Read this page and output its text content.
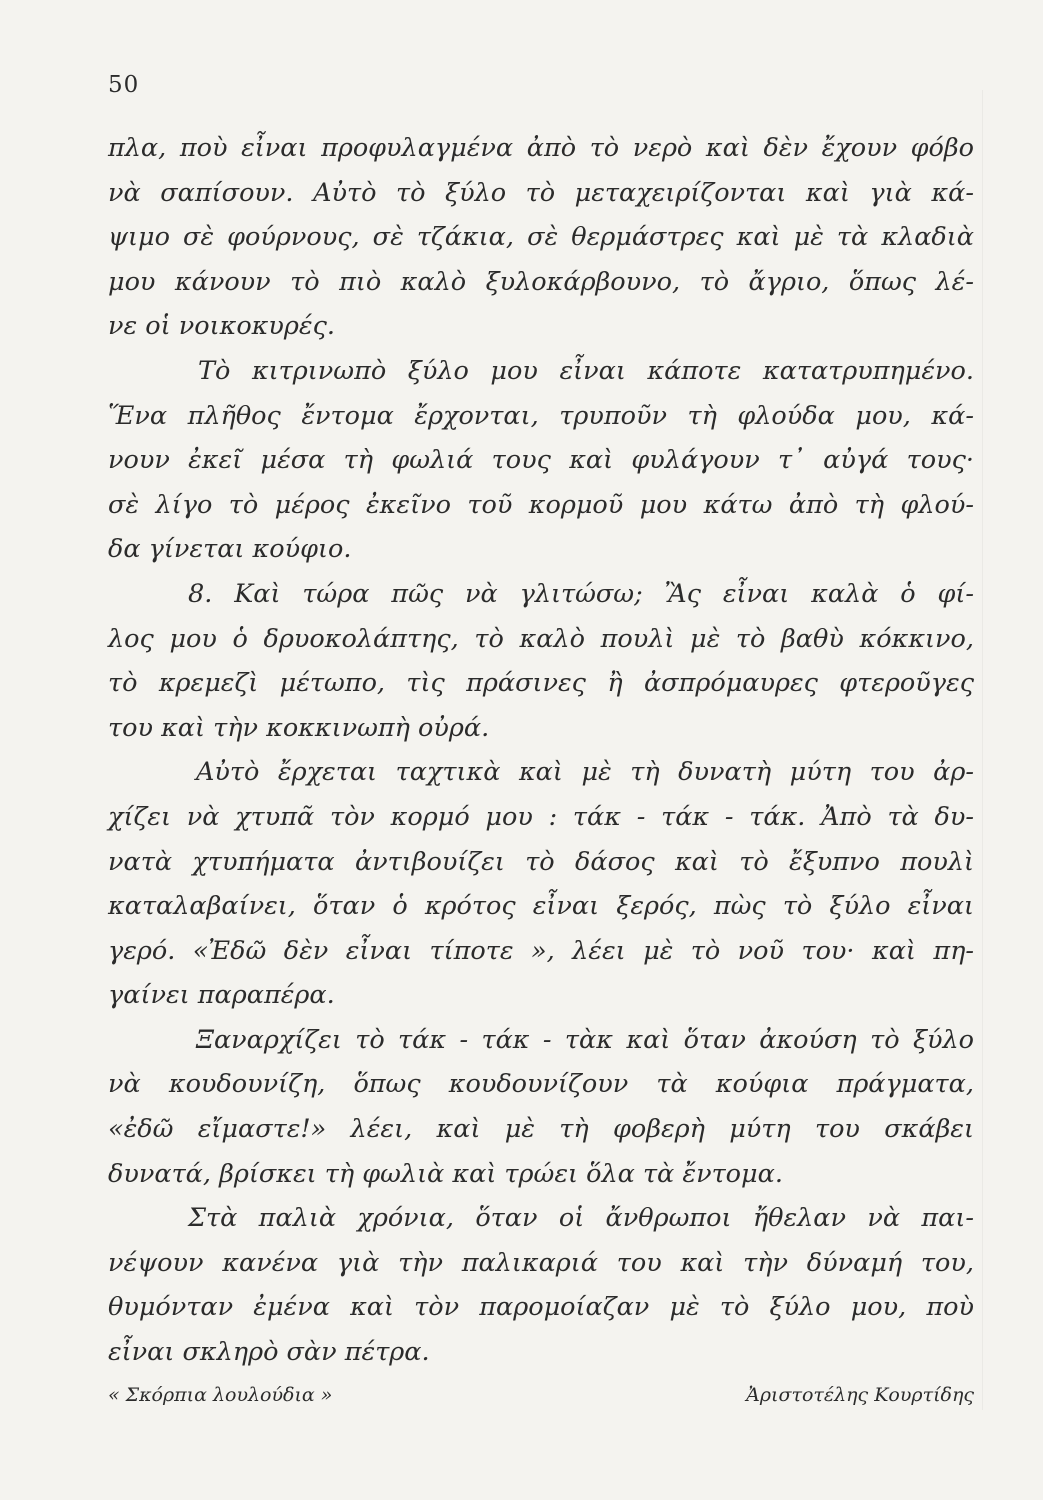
50
πλα, ποὺ εἶναι προφυλαγμένα ἀπὸ τὸ νερὸ καὶ δὲν ἔχουν φόβο
νὰ σαπίσουν. Αὐτὸ τὸ ξύλο τὸ μεταχειρίζονται καὶ γιὰ κά-
ψιμο σὲ φούρνους, σὲ τζάκια, σὲ θερμάστρες καὶ μὲ τὰ κλαδιὰ
μου κάνουν τὸ πιὸ καλὸ ξυλοκάρβουνο, τὸ ἄγριο, ὅπως λέ-
νε οἱ νοικοκυρές.
Τὸ κιτρινωπὸ ξύλο μου εἶναι κάποτε κατατρυπημένο.
Ἕνα πλῆθος ἔντομα ἔρχονται, τρυποῦν τὴ φλούδα μου, κά-
νουν ἐκεῖ μέσα τὴ φωλιά τους καὶ φυλάγουν τ᾽ αὐγά τους·
σὲ λίγο τὸ μέρος ἐκεῖνο τοῦ κορμοῦ μου κάτω ἀπὸ τὴ φλού-
δα γίνεται κούφιο.
8. Καὶ τώρα πῶς νὰ γλιτώσω; Ἂς εἶναι καλὰ ὁ φί-
λος μου ὁ δρυοκολάπτης, τὸ καλὸ πουλὶ μὲ τὸ βαθὺ κόκκινο,
τὸ κρεμεζὶ μέτωπο, τὶς πράσινες ἢ ἀσπρόμαυρες φτεροῦγες
του καὶ τὴν κοκκινωπὴ οὐρά.
Αὐτὸ ἔρχεται ταχτικὰ καὶ μὲ τὴ δυνατὴ μύτη του ἀρ-
χίζει νὰ χτυπᾶ τὸν κορμό μου : τάκ - τάκ - τάκ. Ἀπὸ τὰ δυ-
νατὰ χτυπήματα ἀντιβουίζει τὸ δάσος καὶ τὸ ἔξυπνο πουλὶ
καταλαβαίνει, ὅταν ὁ κρότος εἶναι ξερός, πὼς τὸ ξύλο εἶναι
γερό. «Ἐδῶ δὲν εἶναι τίποτε », λέει μὲ τὸ νοῦ του· καὶ πη-
γαίνει παραπέρα.
Ξαναρχίζει τὸ τάκ - τάκ - τὰκ καὶ ὅταν ἀκούση τὸ ξύλο
νὰ κουδουνίζη, ὅπως κουδουνίζουν τὰ κούφια πράγματα,
«ἐδῶ εἴμαστε!» λέει, καὶ μὲ τὴ φοβερὴ μύτη του σκάβει
δυνατά, βρίσκει τὴ φωλιὰ καὶ τρώει ὅλα τὰ ἔντομα.
Στὰ παλιὰ χρόνια, ὅταν οἱ ἄνθρωποι ἤθελαν νὰ παι-
νέψουν κανένα γιὰ τὴν παλικαριά του καὶ τὴν δύναμή του,
θυμόνταν ἐμένα καὶ τὸν παρομοίαζαν μὲ τὸ ξύλο μου, ποὺ
εἶναι σκληρὸ σὰν πέτρα.
« Σκόρπια λουλούδια »	Ἀριστοτέλης Κουρτίδης
